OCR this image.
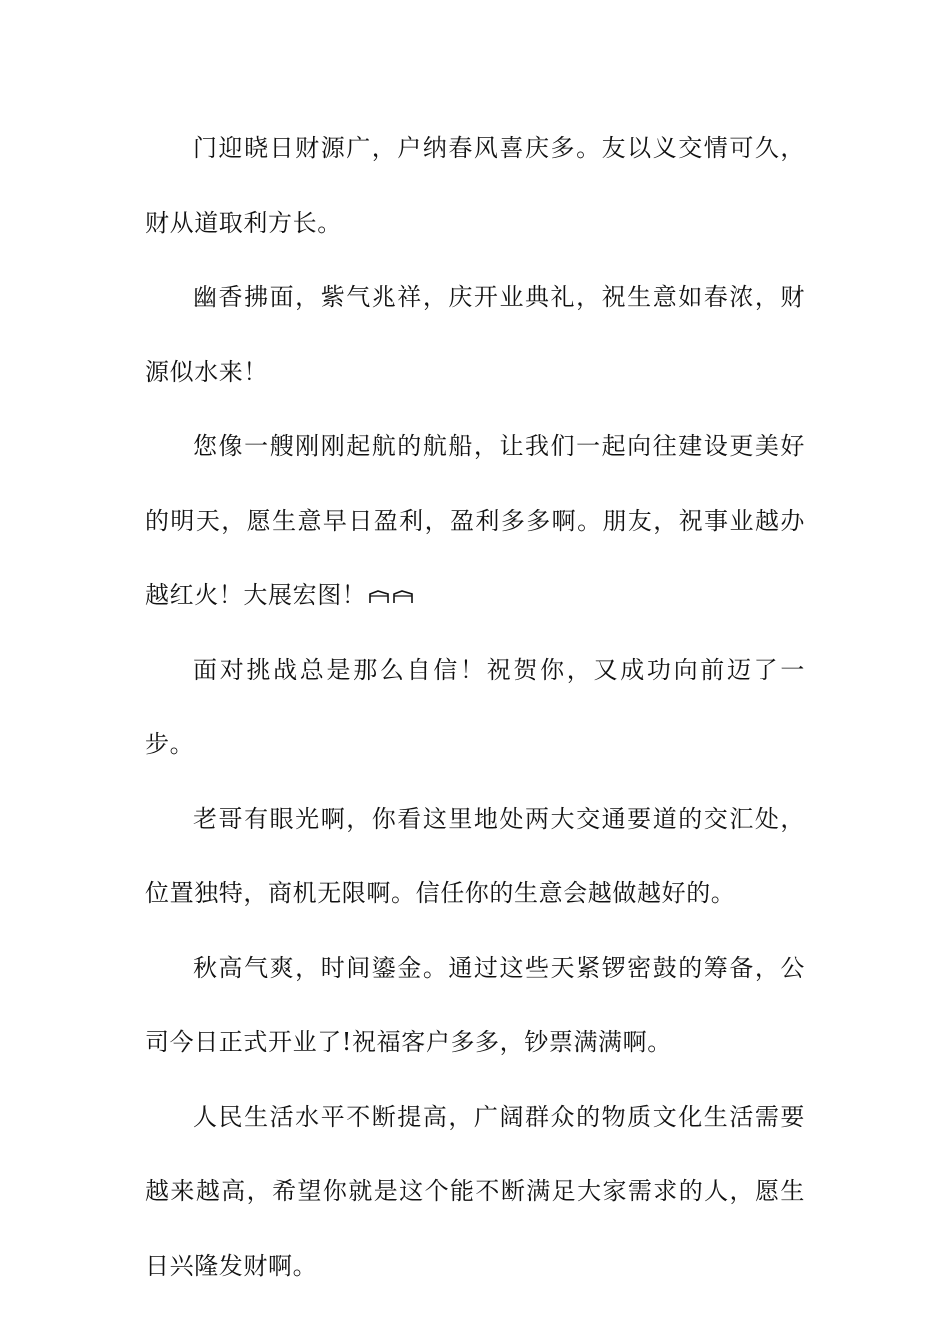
门迎晓日财源广，户纳春风喜庆多。友以义交情可久，财从道取利方长。

幽香拂面，紫气兆祥，庆开业典礼，祝生意如春浓，财源似水来！

您像一艘刚刚起航的航船，让我们一起向往建设更美好的明天，愿生意早日盈利，盈利多多啊。朋友，祝事业越办越红火！大展宏图！

面对挑战总是那么自信！祝贺你，又成功向前迈了一步。

老哥有眼光啊，你看这里地处两大交通要道的交汇处，位置独特，商机无限啊。信任你的生意会越做越好的。

秋高气爽，时间鎏金。通过这些天紧锣密鼓的筹备，公司今日正式开业了!祝福客户多多，钞票满满啊。

人民生活水平不断提高，广阔群众的物质文化生活需要越来越高，希望你就是这个能不断满足大家需求的人，愿生日兴隆发财啊。
